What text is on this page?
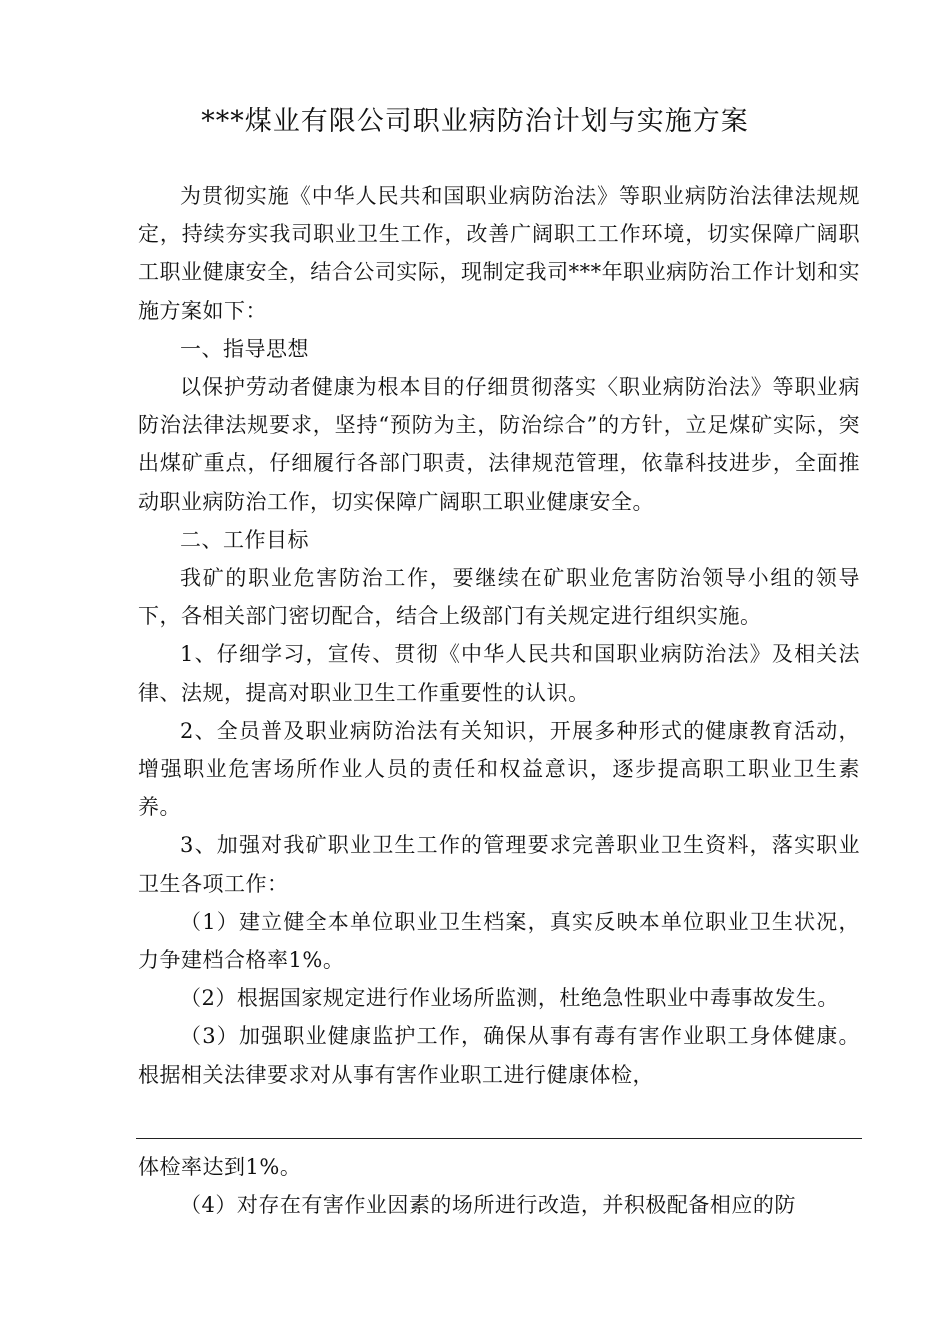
***煤业有限公司职业病防治计划与实施方案

为贯彻实施《中华人民共和国职业病防治法》等职业病防治法律法规规定，持续夯实我司职业卫生工作，改善广阔职工工作环境，切实保障广阔职工职业健康安全，结合公司实际，现制定我司***年职业病防治工作计划和实施方案如下：

一、指导思想

以保护劳动者健康为根本目的仔细贯彻落实〈职业病防治法》等职业病防治法律法规要求，坚持“预防为主，防治综合”的方针，立足煤矿实际，突出煤矿重点，仔细履行各部门职责，法律规范管理，依靠科技进步，全面推动职业病防治工作，切实保障广阔职工职业健康安全。

二、工作目标

我矿的职业危害防治工作，要继续在矿职业危害防治领导小组的领导下，各相关部门密切配合，结合上级部门有关规定进行组织实施。

1、仔细学习，宣传、贯彻《中华人民共和国职业病防治法》及相关法律、法规，提高对职业卫生工作重要性的认识。

2、全员普及职业病防治法有关知识，开展多种形式的健康教育活动，增强职业危害场所作业人员的责任和权益意识，逐步提高职工职业卫生素养。

3、加强对我矿职业卫生工作的管理要求完善职业卫生资料，落实职业卫生各项工作：

（1）建立健全本单位职业卫生档案，真实反映本单位职业卫生状况，力争建档合格率1%。

（2）根据国家规定进行作业场所监测，杜绝急性职业中毒事故发生。

（3）加强职业健康监护工作，确保从事有毒有害作业职工身体健康。根据相关法律要求对从事有害作业职工进行健康体检，

体检率达到1%。

（4）对存在有害作业因素的场所进行改造，并积极配备相应的防
